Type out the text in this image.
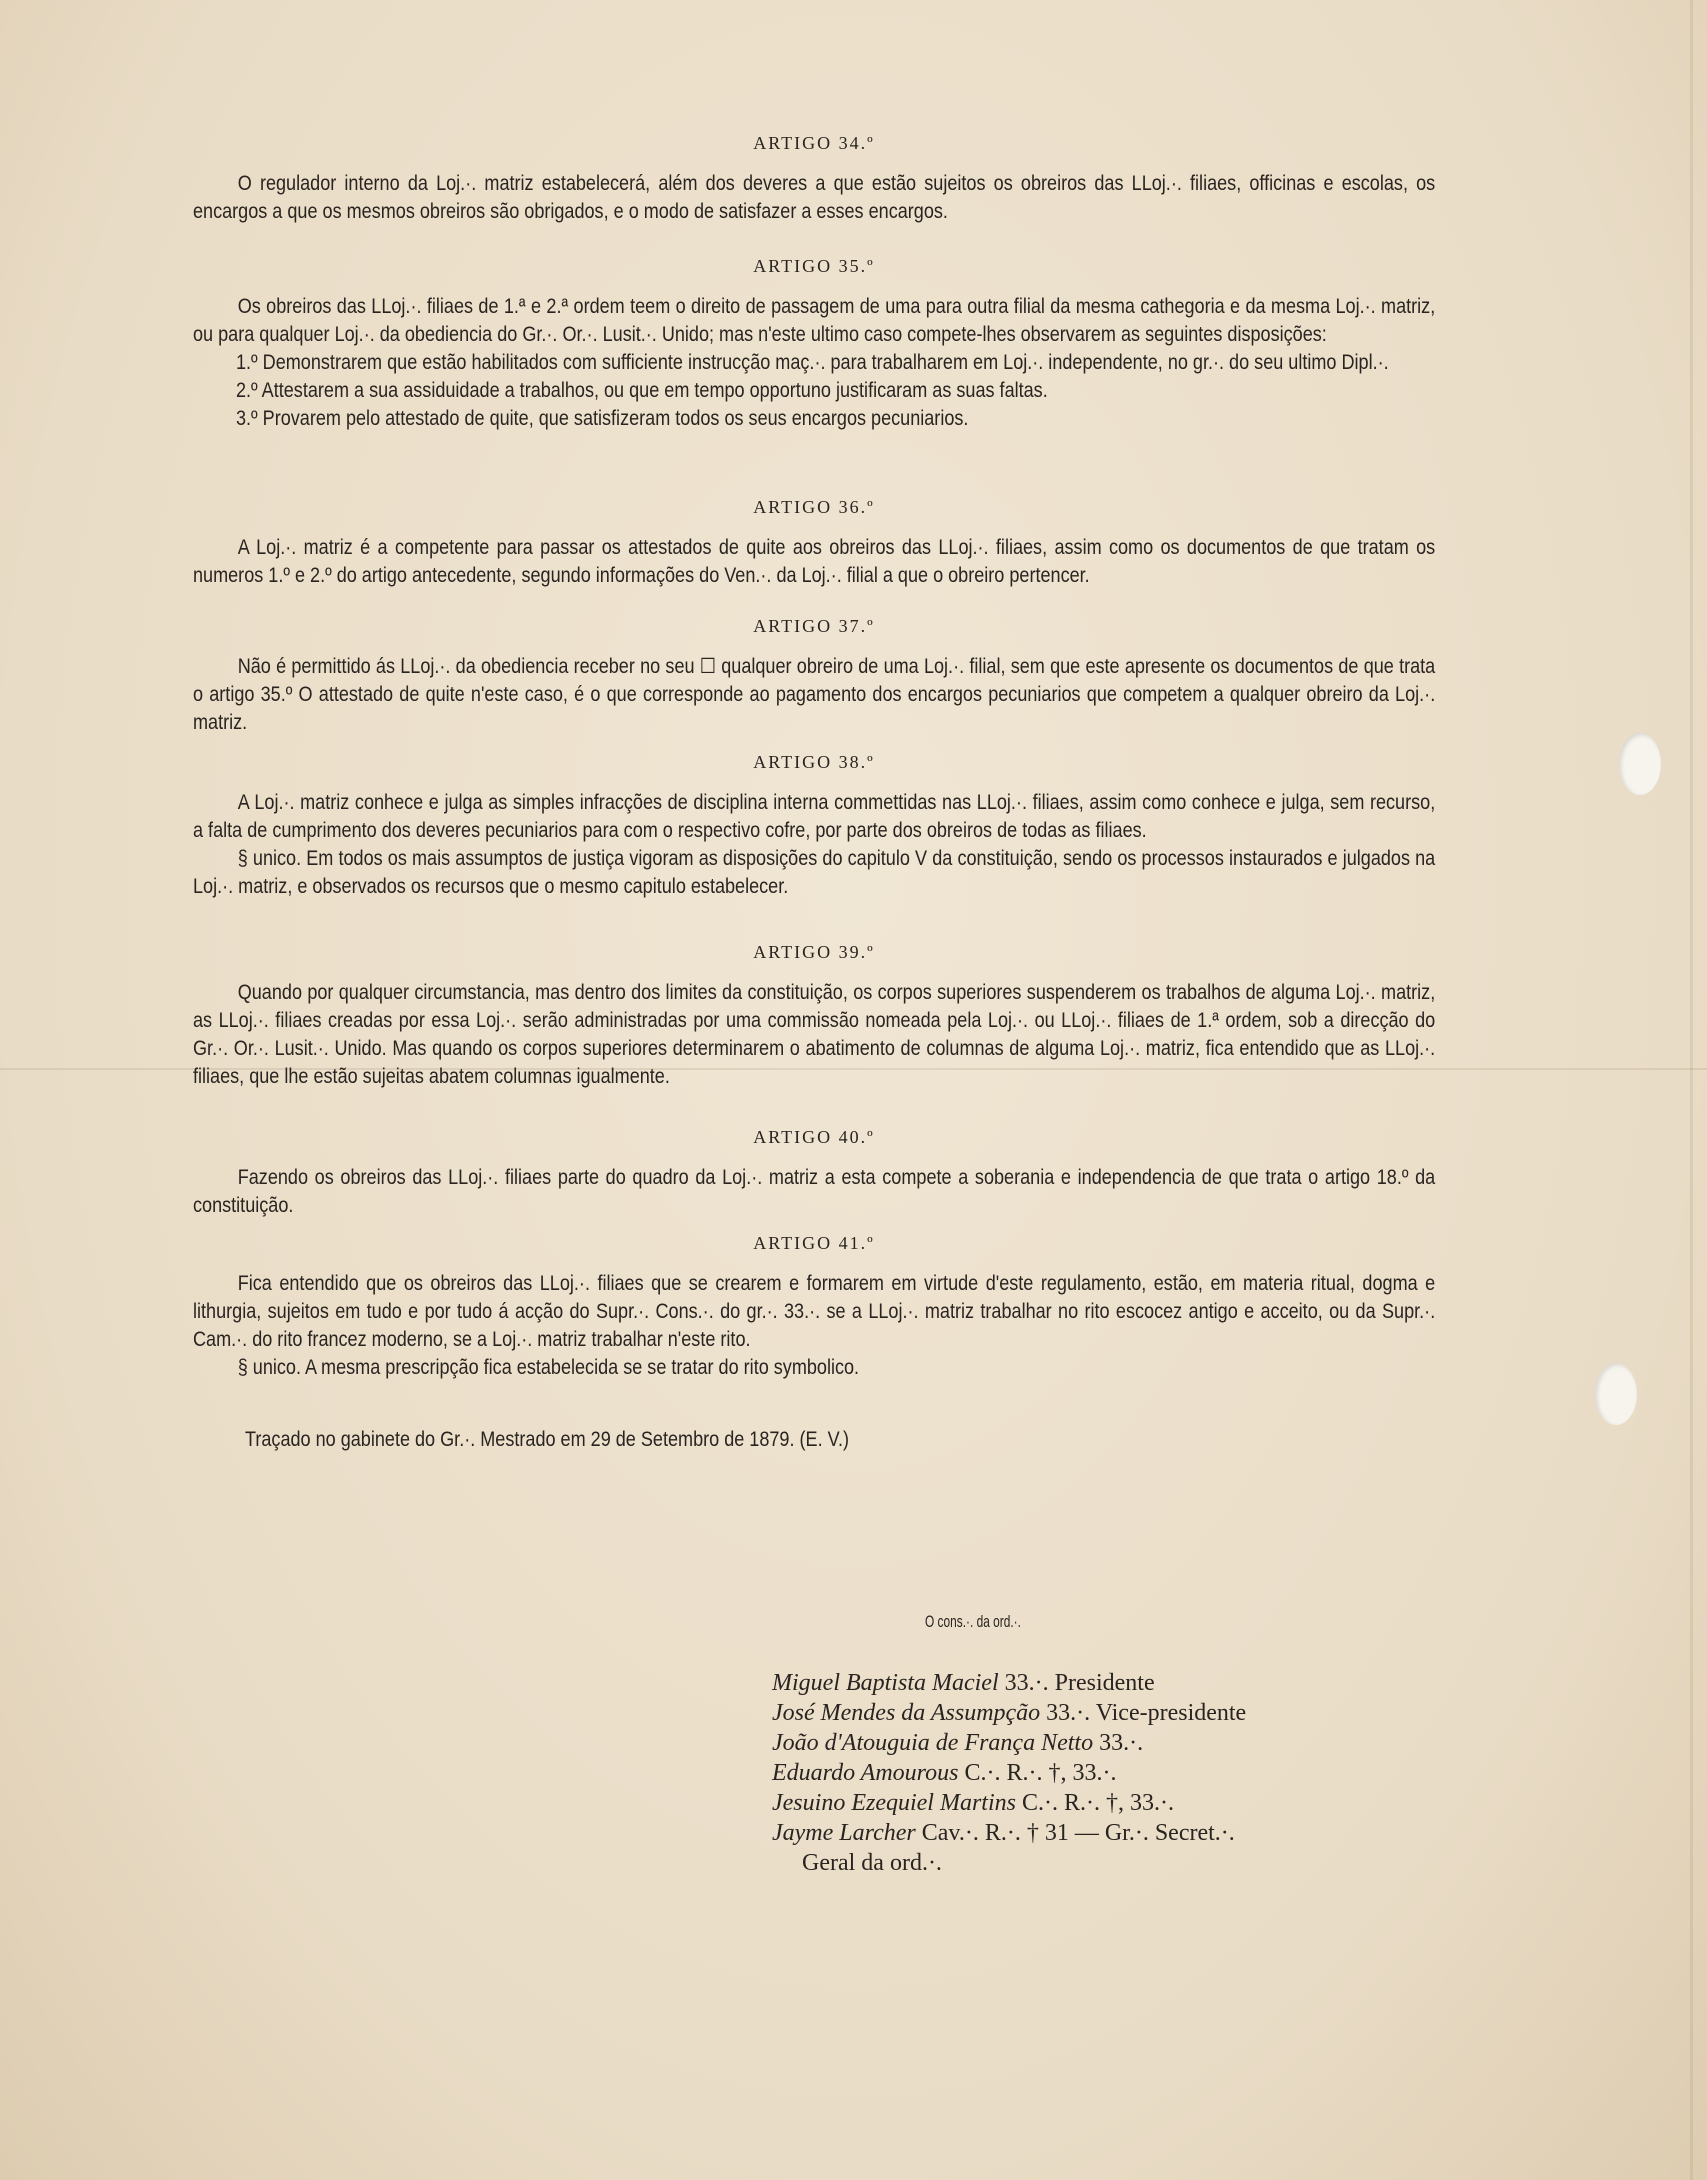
ARTIGO 34.º

O regulador interno da Loj.·. matriz estabelecerá, além dos deveres a que estão sujeitos os obreiros das LLoj.·. filiaes, officinas e escolas, os encargos a que os mesmos obreiros são obrigados, e o modo de satisfazer a esses encargos.

ARTIGO 35.º

Os obreiros das LLoj.·. filiaes de 1.ª e 2.ª ordem teem o direito de passagem de uma para outra filial da mesma cathegoria e da mesma Loj.·. matriz, ou para qualquer Loj.·. da obediencia do Gr.·. Or.·. Lusit.·. Unido; mas n'este ultimo caso compete-lhes observarem as seguintes disposições:

1.º Demonstrarem que estão habilitados com sufficiente instrucção maç.·. para trabalharem em Loj.·. independente, no gr.·. do seu ultimo Dipl.·.

2.º Attestarem a sua assiduidade a trabalhos, ou que em tempo opportuno justificaram as suas faltas.

3.º Provarem pelo attestado de quite, que satisfizeram todos os seus encargos pecuniarios.

ARTIGO 36.º

A Loj.·. matriz é a competente para passar os attestados de quite aos obreiros das LLoj.·. filiaes, assim como os documentos de que tratam os numeros 1.º e 2.º do artigo antecedente, segundo informações do Ven.·. da Loj.·. filial a que o obreiro pertencer.

ARTIGO 37.º

Não é permittido ás LLoj.·. da obediencia receber no seu ☐ qualquer obreiro de uma Loj.·. filial, sem que este apresente os documentos de que trata o artigo 35.º O attestado de quite n'este caso, é o que corresponde ao pagamento dos encargos pecuniarios que competem a qualquer obreiro da Loj.·. matriz.

ARTIGO 38.º

A Loj.·. matriz conhece e julga as simples infracções de disciplina interna commettidas nas LLoj.·. filiaes, assim como conhece e julga, sem recurso, a falta de cumprimento dos deveres pecuniarios para com o respectivo cofre, por parte dos obreiros de todas as filiaes.

§ unico. Em todos os mais assumptos de justiça vigoram as disposições do capitulo V da constituição, sendo os processos instaurados e julgados na Loj.·. matriz, e observados os recursos que o mesmo capitulo estabelecer.

ARTIGO 39.º

Quando por qualquer circumstancia, mas dentro dos limites da constituição, os corpos superiores suspenderem os trabalhos de alguma Loj.·. matriz, as LLoj.·. filiaes creadas por essa Loj.·. serão administradas por uma commissão nomeada pela Loj.·. ou LLoj.·. filiaes de 1.ª ordem, sob a direcção do Gr.·. Or.·. Lusit.·. Unido. Mas quando os corpos superiores determinarem o abatimento de columnas de alguma Loj.·. matriz, fica entendido que as LLoj.·. filiaes, que lhe estão sujeitas abatem columnas igualmente.

ARTIGO 40.º

Fazendo os obreiros das LLoj.·. filiaes parte do quadro da Loj.·. matriz a esta compete a soberania e independencia de que trata o artigo 18.º da constituição.

ARTIGO 41.º

Fica entendido que os obreiros das LLoj.·. filiaes que se crearem e formarem em virtude d'este regulamento, estão, em materia ritual, dogma e lithurgia, sujeitos em tudo e por tudo á acção do Supr.·. Cons.·. do gr.·. 33.·. se a LLoj.·. matriz trabalhar no rito escocez antigo e acceito, ou da Supr.·. Cam.·. do rito francez moderno, se a Loj.·. matriz trabalhar n'este rito.

§ unico. A mesma prescripção fica estabelecida se se tratar do rito symbolico.

Traçado no gabinete do Gr.·. Mestrado em 29 de Setembro de 1879. (E. V.)

O cons.·. da ord.·.

Miguel Baptista Maciel 33.·. Presidente

José Mendes da Assumpção 33.·. Vice-presidente

João d'Atouguia de França Netto 33.·.

Eduardo Amourous C.·. R.·. †, 33.·.

Jesuino Ezequiel Martins C.·. R.·. †, 33.·.

Jayme Larcher Cav.·. R.·. † 31 — Gr.·. Secret.·.

Geral da ord.·.
